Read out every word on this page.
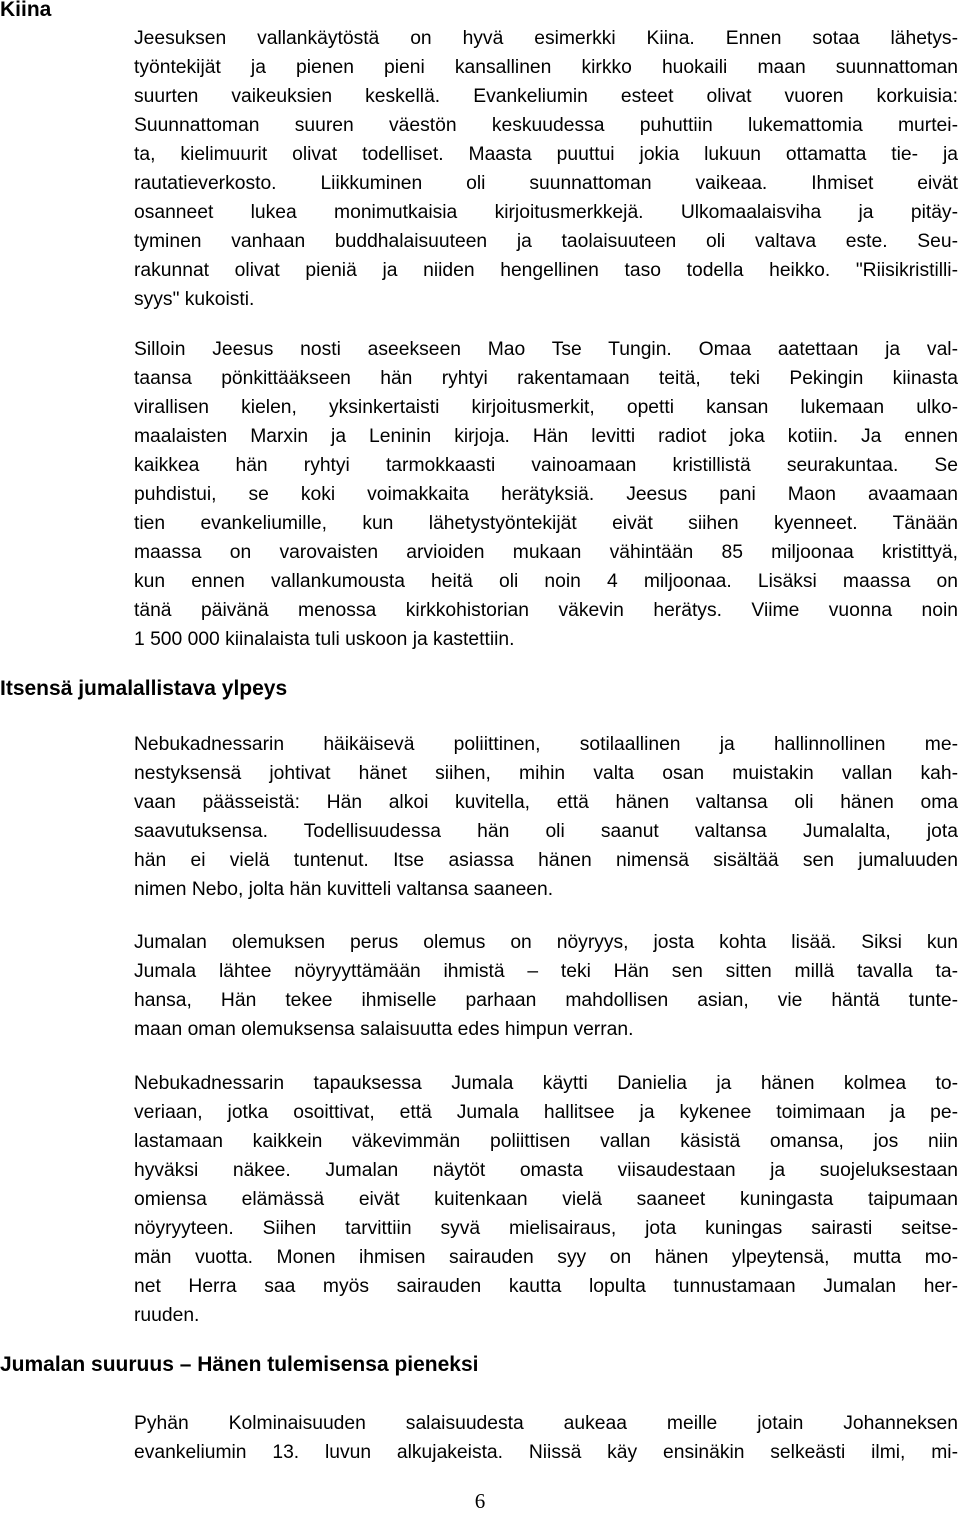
Kiina
Jeesuksen vallankäytöstä on hyvä esimerkki Kiina. Ennen sotaa lähetys-
työntekijät ja pienen pieni kansallinen kirkko huokaili maan suunnattoman
suurten vaikeuksien keskellä. Evankeliumin esteet olivat vuoren korkuisia:
Suunnattoman suuren väestön keskuudessa puhuttiin lukemattomia murtei-
ta, kielimuurit olivat todelliset. Maasta puuttui jokia lukuun ottamatta tie- ja
rautatieverkosto. Liikkuminen oli suunnattoman vaikeaa. Ihmiset eivät
osanneet lukea monimutkaisia kirjoitusmerkkejä. Ulkomaalaisviha ja pitäy-
tyminen vanhaan buddhalaisuuteen ja taolaisuuteen oli valtava este. Seu-
rakunnat olivat pieniä ja niiden hengellinen taso todella heikko. "Riisikristilli-
syys" kukoisti.
Silloin Jeesus nosti aseekseen Mao Tse Tungin. Omaa aatettaan ja val-
taansa pönkittääkseen hän ryhtyi rakentamaan teitä, teki Pekingin kiinasta
virallisen kielen, yksinkertaisti kirjoitusmerkit, opetti kansan lukemaan ulko-
maalaisten Marxin ja Leninin kirjoja. Hän levitti radiot joka kotiin. Ja ennen
kaikkea hän ryhtyi tarmokkaasti vainoamaan kristillistä seurakuntaa. Se
puhdistui, se koki voimakkaita herätyksiä. Jeesus pani Maon avaamaan
tien evankeliumille, kun lähetystyöntekijät eivät siihen kyenneet. Tänään
maassa on varovaisten arvioiden mukaan vähintään 85 miljoonaa kristittyä,
kun ennen vallankumousta heitä oli noin 4 miljoonaa. Lisäksi maassa on
tänä päivänä menossa kirkkohistorian väkevin herätys. Viime vuonna noin
1 500 000 kiinalaista tuli uskoon ja kastettiin.
Itsensä jumalallistava ylpeys
Nebukadnessarin häikäisevä poliittinen, sotilaallinen ja hallinnollinen me-
nestyksensä johtivat hänet siihen, mihin valta osan muistakin vallan kah-
vaan päässeistä: Hän alkoi kuvitella, että hänen valtansa oli hänen oma
saavutuksensa. Todellisuudessa hän oli saanut valtansa Jumalalta, jota
hän ei vielä tuntenut. Itse asiassa hänen nimensä sisältää sen jumaluuden
nimen Nebo, jolta hän kuvitteli valtansa saaneen.
Jumalan olemuksen perus olemus on nöyryys, josta kohta lisää. Siksi kun
Jumala lähtee nöyryyttämään ihmistä – teki Hän sen sitten millä tavalla ta-
hansa, Hän tekee ihmiselle parhaan mahdollisen asian, vie häntä tunte-
maan oman olemuksensa salaisuutta edes himpun verran.
Nebukadnessarin tapauksessa Jumala käytti Danielia ja hänen kolmea to-
veriaan, jotka osoittivat, että Jumala hallitsee ja kykenee toimimaan ja pe-
lastamaan kaikkein väkevimmän poliittisen vallan käsistä omansa, jos niin
hyväksi näkee. Jumalan näytöt omasta viisaudestaan ja suojeluksestaan
omiensa elämässä eivät kuitenkaan vielä saaneet kuningasta taipumaan
nöyryyteen. Siihen tarvittiin syvä mielisairaus, jota kuningas sairasti seitse-
män vuotta. Monen ihmisen sairauden syy on hänen ylpeytensä, mutta mo-
net Herra saa myös sairauden kautta lopulta tunnustamaan Jumalan her-
ruuden.
Jumalan suuruus – Hänen tulemisensa pieneksi
Pyhän Kolminaisuuden salaisuudesta aukeaa meille jotain Johanneksen
evankeliumin 13. luvun alkujakeista. Niissä käy ensinäkin selkeästi ilmi, mi-
6
